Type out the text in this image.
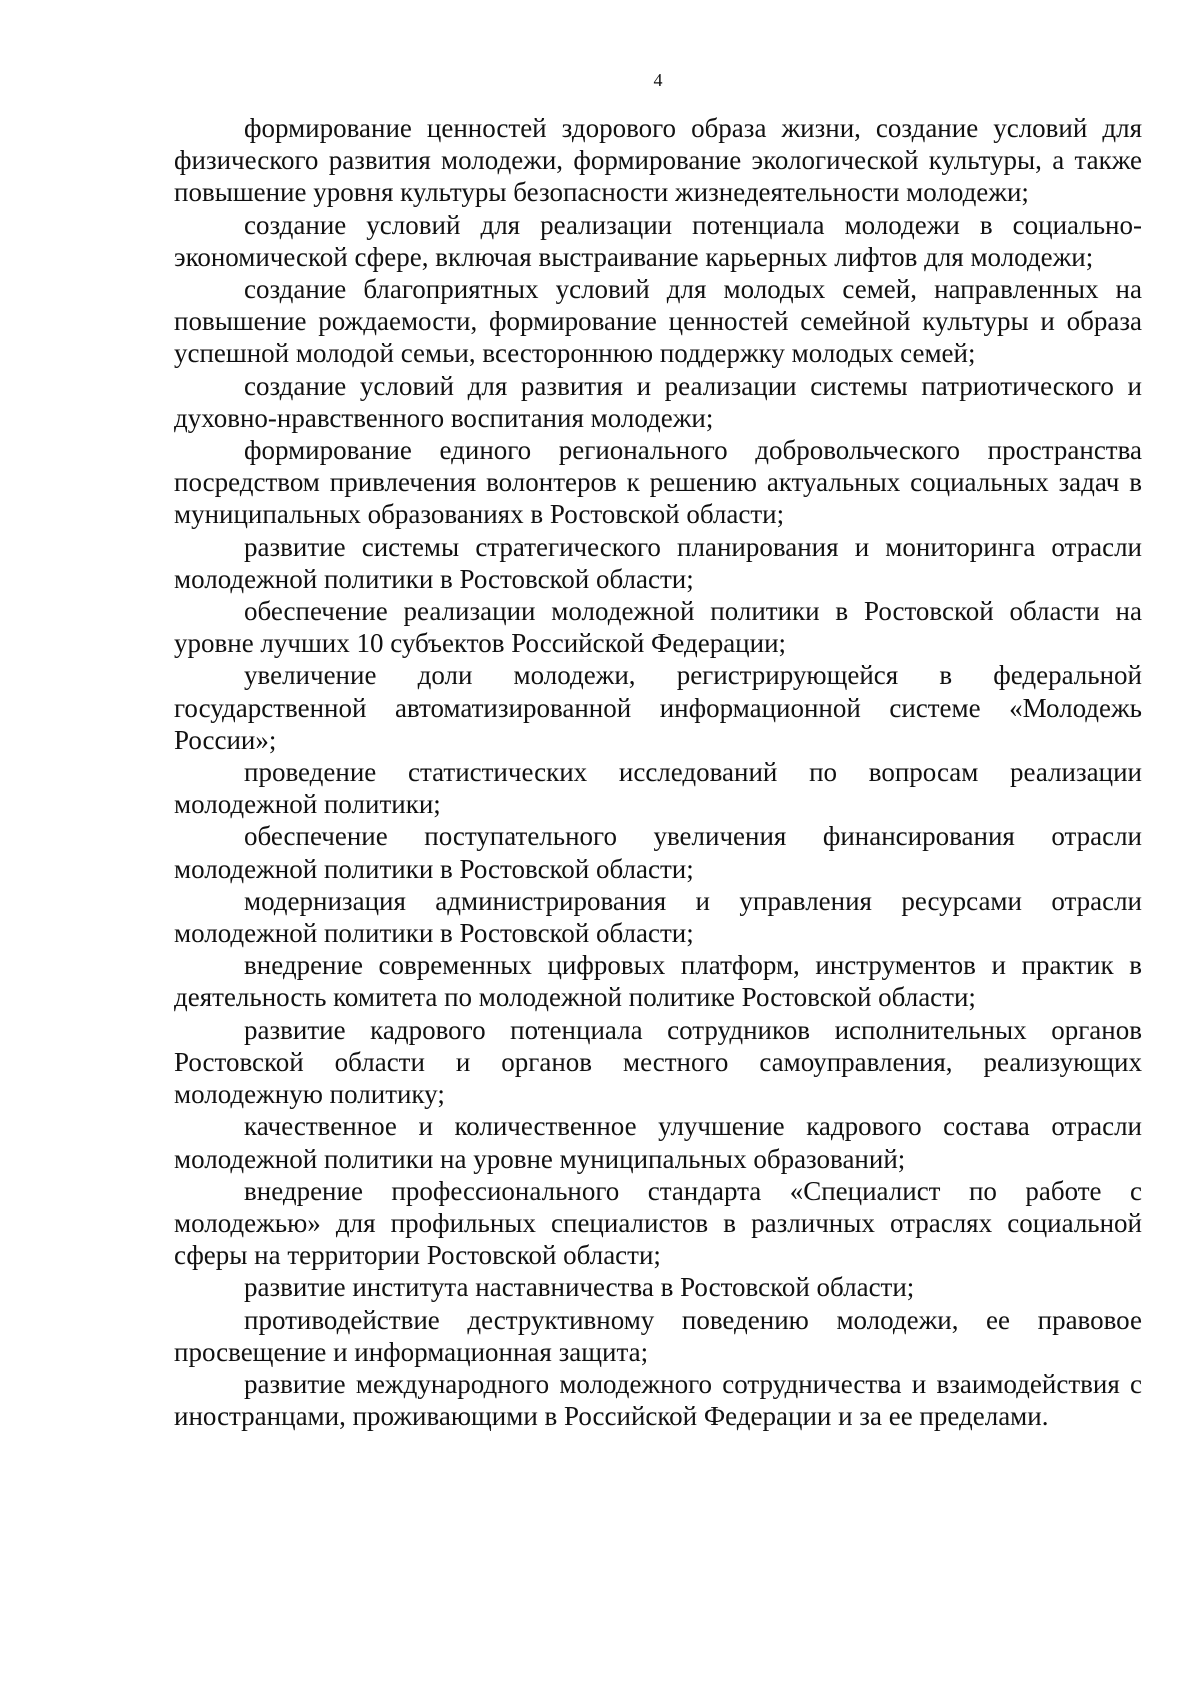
4

формирование ценностей здорового образа жизни, создание условий для физического развития молодежи, формирование экологической культуры, а также повышение уровня культуры безопасности жизнедеятельности молодежи;

создание условий для реализации потенциала молодежи в социально-экономической сфере, включая выстраивание карьерных лифтов для молодежи;

создание благоприятных условий для молодых семей, направленных на повышение рождаемости, формирование ценностей семейной культуры и образа успешной молодой семьи, всестороннюю поддержку молодых семей;

создание условий для развития и реализации системы патриотического и духовно-нравственного воспитания молодежи;

формирование единого регионального добровольческого пространства посредством привлечения волонтеров к решению актуальных социальных задач в муниципальных образованиях в Ростовской области;

развитие системы стратегического планирования и мониторинга отрасли молодежной политики в Ростовской области;

обеспечение реализации молодежной политики в Ростовской области на уровне лучших 10 субъектов Российской Федерации;

увеличение доли молодежи, регистрирующейся в федеральной государственной автоматизированной информационной системе «Молодежь России»;

проведение статистических исследований по вопросам реализации молодежной политики;

обеспечение поступательного увеличения финансирования отрасли молодежной политики в Ростовской области;

модернизация администрирования и управления ресурсами отрасли молодежной политики в Ростовской области;

внедрение современных цифровых платформ, инструментов и практик в деятельность комитета по молодежной политике Ростовской области;

развитие кадрового потенциала сотрудников исполнительных органов Ростовской области и органов местного самоуправления, реализующих молодежную политику;

качественное и количественное улучшение кадрового состава отрасли молодежной политики на уровне муниципальных образований;

внедрение профессионального стандарта «Специалист по работе с молодежью» для профильных специалистов в различных отраслях социальной сферы на территории Ростовской области;

развитие института наставничества в Ростовской области;

противодействие деструктивному поведению молодежи, ее правовое просвещение и информационная защита;

развитие международного молодежного сотрудничества и взаимодействия с иностранцами, проживающими в Российской Федерации и за ее пределами.
